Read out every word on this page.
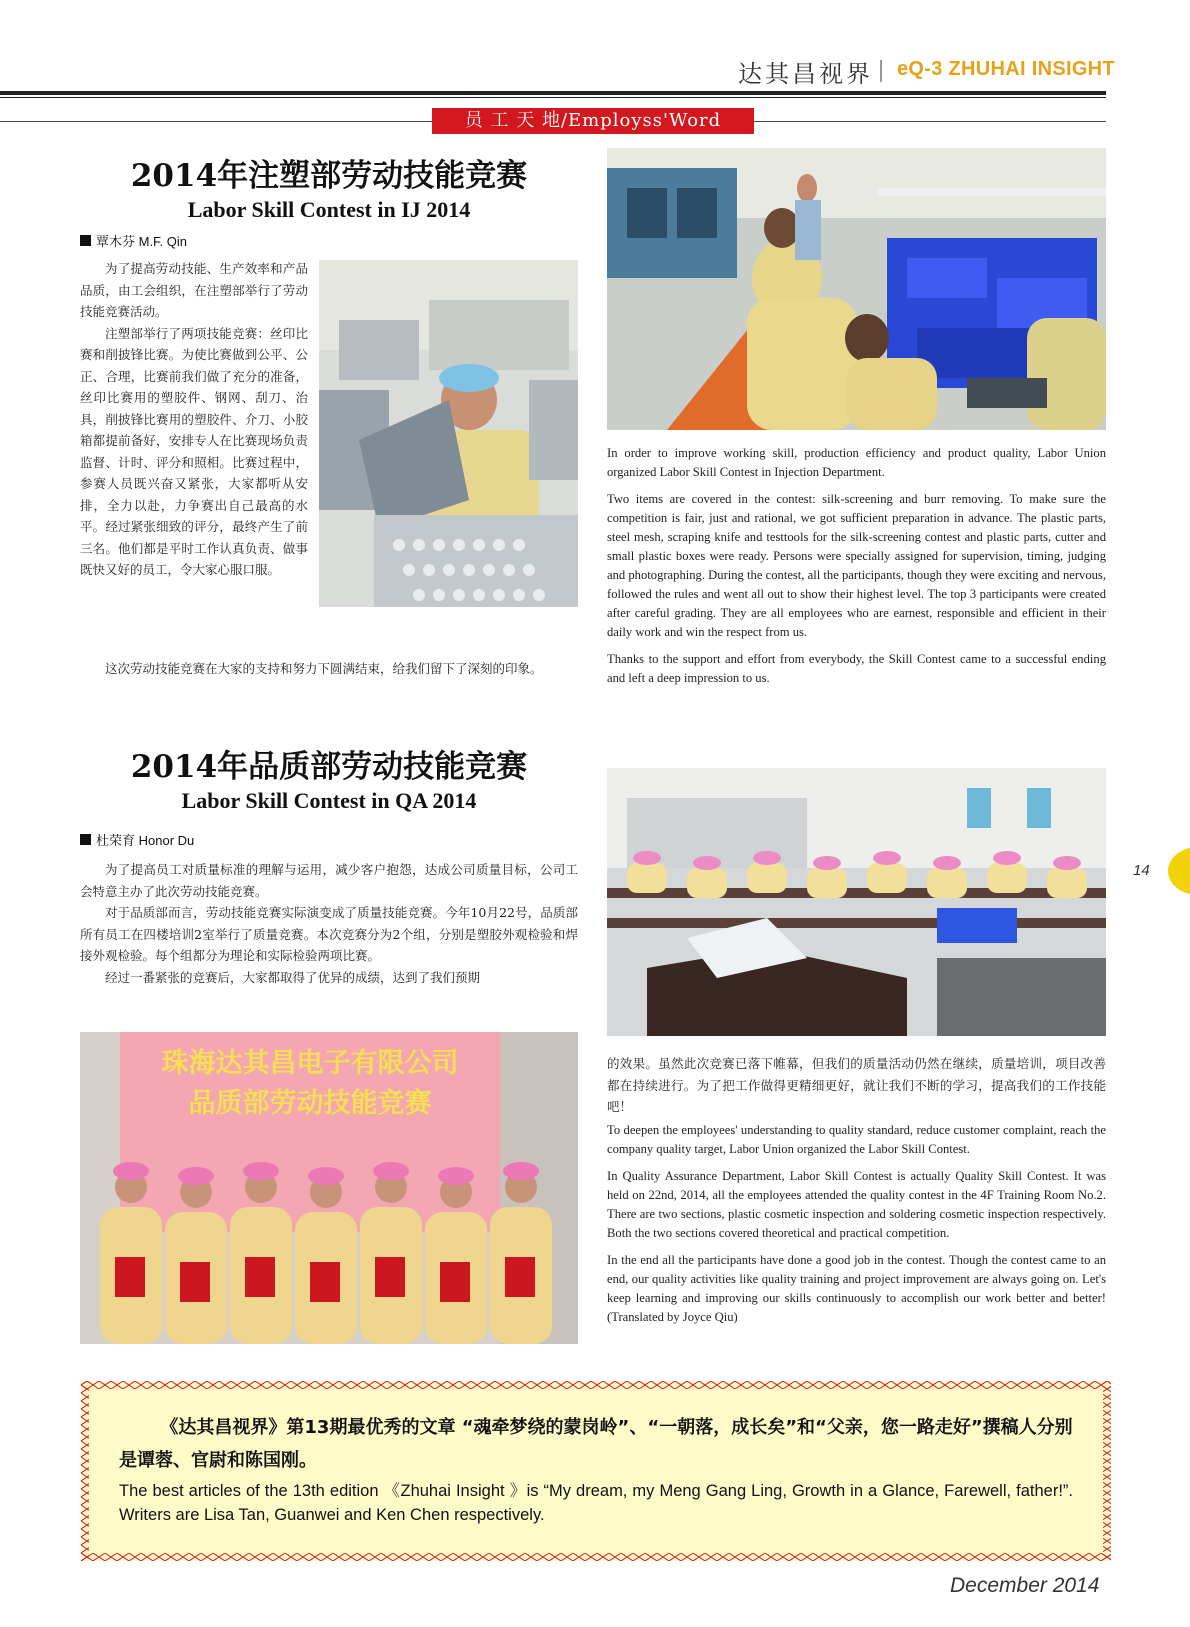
达其昌视界 eQ-3 ZHUHAI INSIGHT
员 工 天 地/Employss'Word
2014年注塑部劳动技能竞赛
Labor Skill Contest in IJ 2014
覃木芬 M.F. Qin

为了提高劳动技能、生产效率和产品品质，由工会组织，在注塑部举行了劳动技能竞赛活动。

注塑部举行了两项技能竞赛：丝印比赛和削披锋比赛。为使比赛做到公平、公正、合理，比赛前我们做了充分的准备，丝印比赛用的塑胶件、钢网、刮刀、治具，削披锋比赛用的塑胶件、介刀、小胶箱都提前备好，安排专人在比赛现场负责监督、计时、评分和照相。比赛过程中，参赛人员既兴奋又紧张，大家都听从安排，全力以赴，力争赛出自己最高的水平。经过紧张细致的评分，最终产生了前三名。他们都是平时工作认真负责、做事既快又好的员工，令大家心服口服。

这次劳动技能竞赛在大家的支持和努力下圆满结束，给我们留下了深刻的印象。

In order to improve working skill, production efficiency and product quality, Labor Union organized Labor Skill Contest in Injection Department.

Two items are covered in the contest: silk-screening and burr removing. To make sure the competition is fair, just and rational, we got sufficient preparation in advance. The plastic parts, steel mesh, scraping knife and testtools for the silk-screening contest and plastic parts, cutter and small plastic boxes were ready. Persons were specially assigned for supervision, timing, judging and photographing. During the contest, all the participants, though they were exciting and nervous, followed the rules and went all out to show their highest level. The top 3 participants were created after careful grading. They are all employees who are earnest, responsible and efficient in their daily work and win the respect from us.

Thanks to the support and effort from everybody, the Skill Contest came to a successful ending and left a deep impression to us.

2014年品质部劳动技能竞赛
Labor Skill Contest in QA 2014
杜荣育 Honor Du

为了提高员工对质量标准的理解与运用，减少客户抱怨，达成公司质量目标，公司工会特意主办了此次劳动技能竞赛。

对于品质部而言，劳动技能竞赛实际演变成了质量技能竞赛。今年10月22号，品质部所有员工在四楼培训2室举行了质量竞赛。本次竞赛分为2个组，分别是塑胶外观检验和焊接外观检验。每个组都分为理论和实际检验两项比赛。

经过一番紧张的竞赛后，大家都取得了优异的成绩，达到了我们预期

珠海达其昌电子有限公司
品质部劳动技能竞赛

的效果。虽然此次竞赛已落下帷幕，但我们的质量活动仍然在继续，质量培训，项目改善都在持续进行。为了把工作做得更精细更好，就让我们不断的学习，提高我们的工作技能吧！

To deepen the employees' understanding to quality standard, reduce customer complaint, reach the company quality target, Labor Union organized the Labor Skill Contest.

In Quality Assurance Department, Labor Skill Contest is actually Quality Skill Contest. It was held on 22nd, 2014, all the employees attended the quality contest in the 4F Training Room No.2. There are two sections, plastic cosmetic inspection and soldering cosmetic inspection respectively. Both the two sections covered theoretical and practical competition.

In the end all the participants have done a good job in the contest. Though the contest came to an end, our quality activities like quality training and project improvement are always going on. Let's keep learning and improving our skills continuously to accomplish our work better and better! (Translated by Joyce Qiu)

14
《达其昌视界》第13期最优秀的文章 “魂牵梦绕的蒙岗岭”、“一朝落，成长矣”和“父亲，您一路走好”撰稿人分别是谭蓉、官尉和陈国刚。
The best articles of the 13th edition 《Zhuhai Insight 》is “My dream, my Meng Gang Ling, Growth in a Glance, Farewell, father!”. Writers are Lisa Tan, Guanwei and Ken Chen respectively.
December 2014
